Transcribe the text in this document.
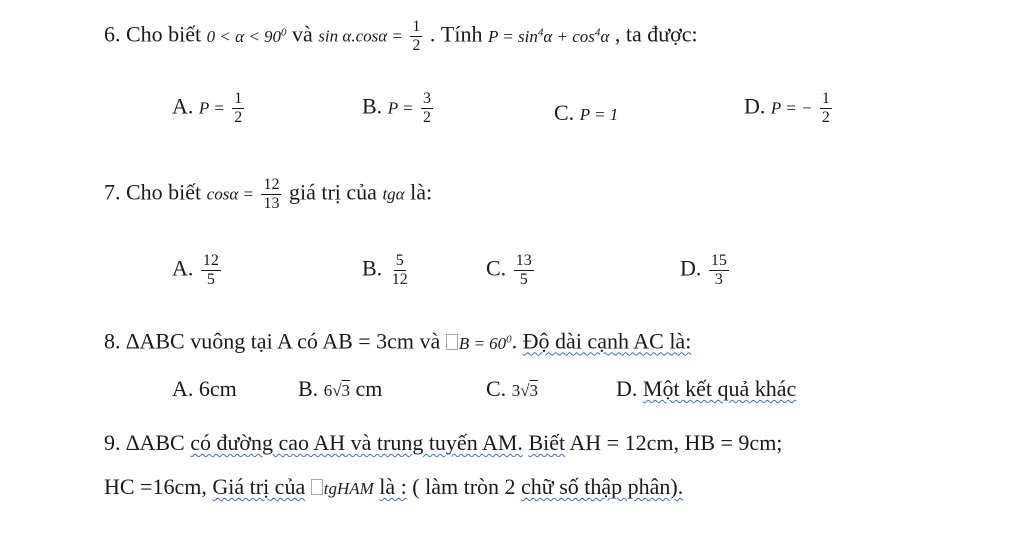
6. Cho biết $0 < \alpha < 90^0$ và $\sin \alpha.\cos\alpha = \frac{1}{2}$ . Tính $P = \sin^4\alpha + \cos^4\alpha$ , ta được:
A. $P = \frac{1}{2}$	B. $P = \frac{3}{2}$	C. P = 1	D. P = − $\frac{1}{2}$
7. Cho biết $\cos\alpha = \frac{12}{13}$ giá trị của tgα là:
A. $\frac{12}{5}$	B. $\frac{5}{12}$	C. $\frac{13}{5}$	D. $\frac{15}{3}$
8. ∆ABC vuông tại A có AB = 3cm và $B = 60^0$. Độ dài cạnh AC là:
A. 6cm	B. 6√3 cm	C. 3√3	D. Một kết quả khác
9. ∆ABC có đường cao AH và trung tuyến AM. Biết AH = 12cm, HB = 9cm;
HC =16cm, Giá trị của tgHAM là : ( làm tròn 2 chữ số thập phân).
